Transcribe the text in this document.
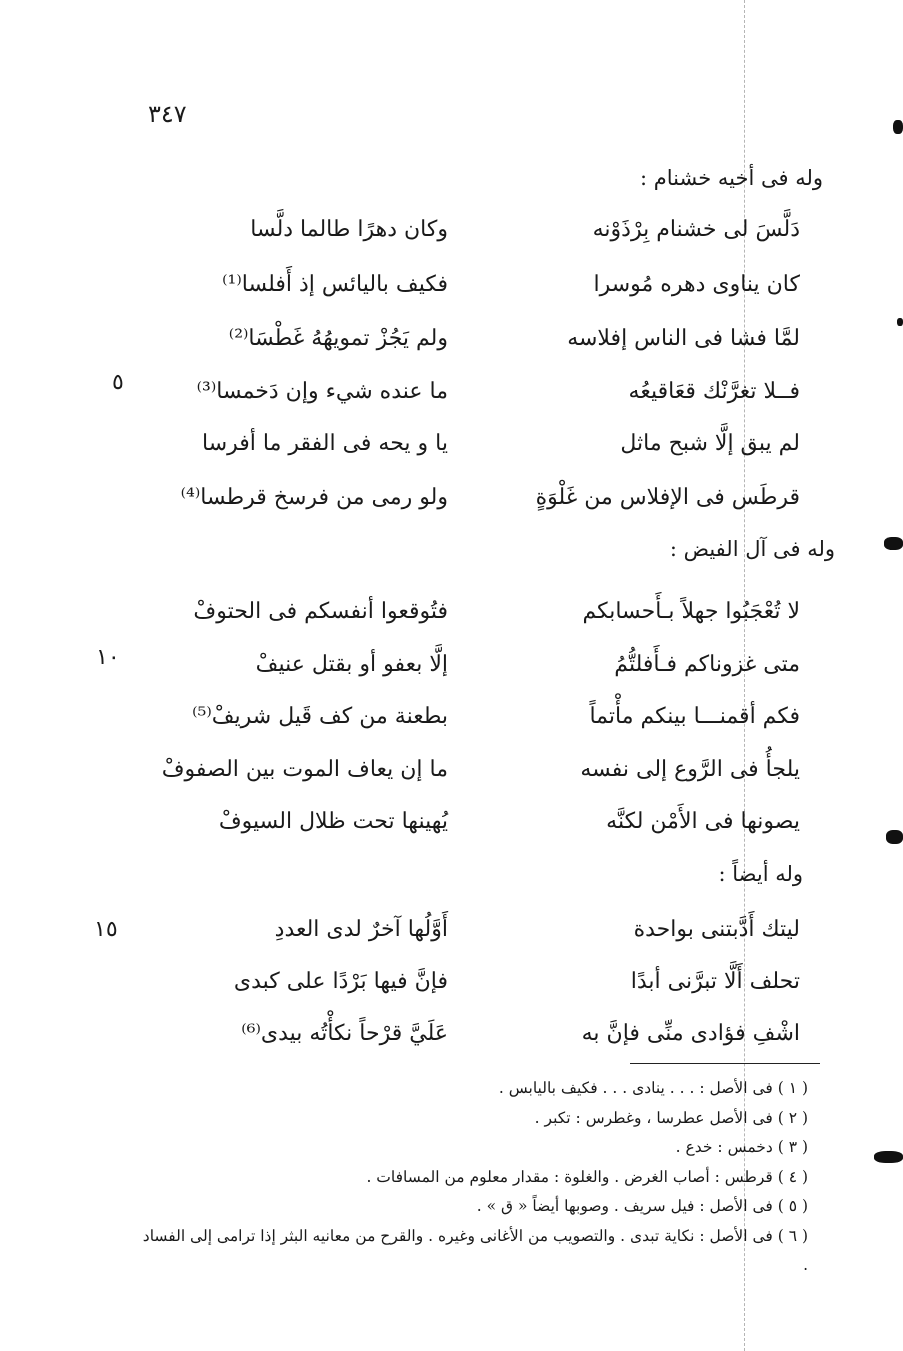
٣٤٧
وله فى أخيه خشنام :
وله فى آل الفيض :
وله أيضاً :
٥
١٠
١٥
دَلَّسَ لى خشنام بِرْذَوْنه
وكان دهرًا طالما دلَّسا
كان يناوى دهره مُوسرا
فكيف باليائس إذ أَفلسا⁽¹⁾
لمَّا فشا فى الناس إفلاسه
ولم يَجُزْ تمويهُهُ غَطْسَا⁽²⁾
فــلا تغرَّنْك قعَاقيعُه
ما عنده شيء وإن دَخمسا⁽³⁾
لم يبق إلَّا شبح ماثل
يا و يحه فى الفقر ما أفرسا
قرطَس فى الإفلاس من غَلْوَةٍ
ولو رمى من فرسخ قرطسا⁽⁴⁾
لا تُعْجَبُوا جهلاً بـأَحسابكم
فتُوقعوا أنفسكم فى الحتوفْ
متى غزوناكم فـأَفلتُّمُ
إلَّا بعفو أو بقتل عنيفْ
فكم أقمنـــا بينكم مأْتماً
بطعنة من كف قَيل شريفْ⁽⁵⁾
يلجأُ فى الرَّوع إلى نفسه
ما إن يعاف الموت بين الصفوفْ
يصونها فى الأَمْن لكنَّه
يُهينها تحت ظلال السيوفْ
ليتك أَدَّبتنى بواحدة
أَوَّلُها آخرٌ لدى العددِ
تحلف أَلَّا تبرَّنى أبدًا
فإنَّ فيها بَرْدًا على كبدى
اشْفِ فؤادى منِّى فإنَّ به
عَلَيَّ قرْحاً نكأْتُه بيدى⁽⁶⁾
( ١ ) فى الأصل : . . . ينادى . . . فكيف باليابس .
( ٢ ) فى الأصل عطرسا ، وغطرس : تكبر .
( ٣ ) دخمس : خدع .
( ٤ ) قرطس : أصاب الغرض . والغلوة : مقدار معلوم من المسافات .
( ٥ ) فى الأصل : فيل سريف . وصوبها أيضاً « ق » .
( ٦ ) فى الأصل : نكاية تبدى . والتصويب من الأغانى وغيره . والقرح من معانيه البثر إذا ترامى إلى الفساد .
